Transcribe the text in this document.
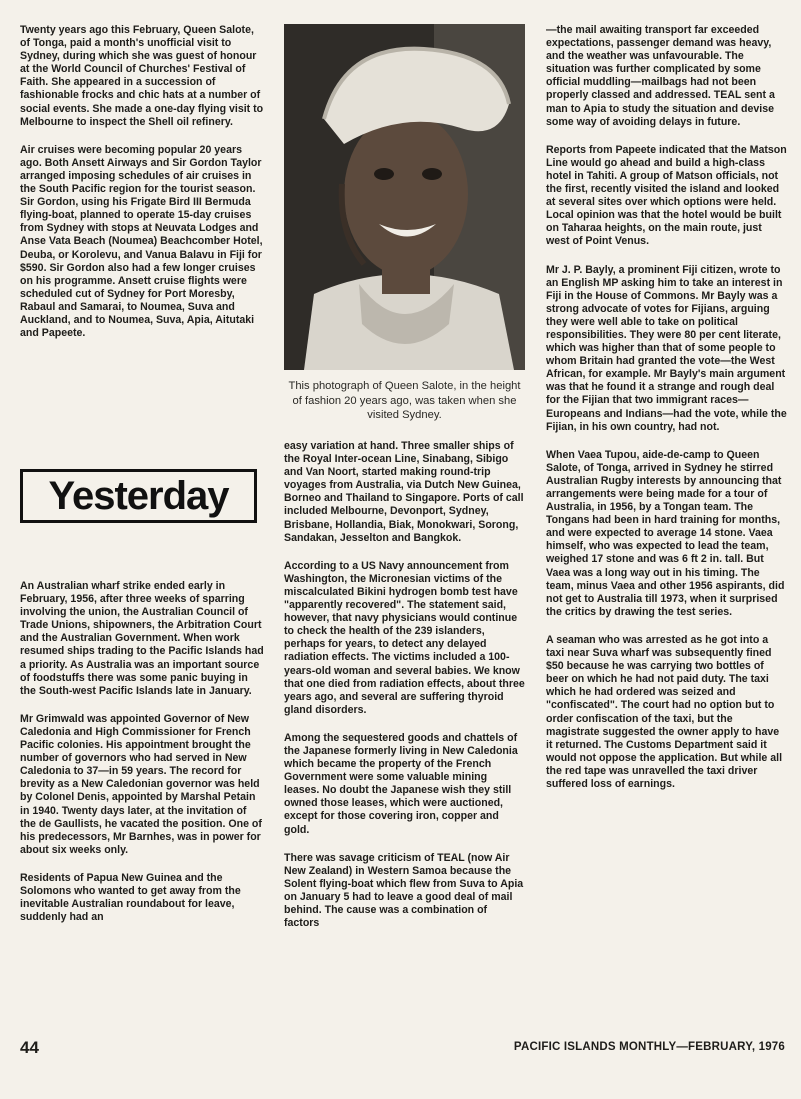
Twenty years ago this February, Queen Salote, of Tonga, paid a month's unofficial visit to Sydney, during which she was guest of honour at the World Council of Churches' Festival of Faith. She appeared in a succession of fashionable frocks and chic hats at a number of social events. She made a one-day flying visit to Melbourne to inspect the Shell oil refinery.

Air cruises were becoming popular 20 years ago. Both Ansett Airways and Sir Gordon Taylor arranged imposing schedules of air cruises in the South Pacific region for the tourist season. Sir Gordon, using his Frigate Bird III Bermuda flying-boat, planned to operate 15-day cruises from Sydney with stops at Neuvata Lodges and Anse Vata Beach (Noumea) Beachcomber Hotel, Deuba, or Korolevu, and Vanua Balavu in Fiji for $590. Sir Gordon also had a few longer cruises on his programme. Ansett cruise flights were scheduled cut of Sydney for Port Moresby, Rabaul and Samarai, to Noumea, Suva and Auckland, and to Noumea, Suva, Apia, Aitutaki and Papeete.

Yesterday

An Australian wharf strike ended early in February, 1956, after three weeks of sparring involving the union, the Australian Council of Trade Unions, shipowners, the Arbitration Court and the Australian Government. When work resumed ships trading to the Pacific Islands had a priority. As Australia was an important source of foodstuffs there was some panic buying in the South-west Pacific Islands late in January.

Mr Grimwald was appointed Governor of New Caledonia and High Commissioner for French Pacific colonies. His appointment brought the number of governors who had served in New Caledonia to 37—in 59 years. The record for brevity as a New Caledonian governor was held by Colonel Denis, appointed by Marshal Petain in 1940. Twenty days later, at the invitation of the de Gaullists, he vacated the position. One of his predecessors, Mr Barnhes, was in power for about six weeks only.

Residents of Papua New Guinea and the Solomons who wanted to get away from the inevitable Australian roundabout for leave, suddenly had an

This photograph of Queen Salote, in the height of fashion 20 years ago, was taken when she visited Sydney.

easy variation at hand. Three smaller ships of the Royal Inter-ocean Line, Sinabang, Sibigo and Van Noort, started making round-trip voyages from Australia, via Dutch New Guinea, Borneo and Thailand to Singapore. Ports of call included Melbourne, Devonport, Sydney, Brisbane, Hollandia, Biak, Monokwari, Sorong, Sandakan, Jesselton and Bangkok.

According to a US Navy announcement from Washington, the Micronesian victims of the miscalculated Bikini hydrogen bomb test have "apparently recovered". The statement said, however, that navy physicians would continue to check the health of the 239 islanders, perhaps for years, to detect any delayed radiation effects. The victims included a 100-years-old woman and several babies. We know that one died from radiation effects, about three years ago, and several are suffering thyroid gland disorders.

Among the sequestered goods and chattels of the Japanese formerly living in New Caledonia which became the property of the French Government were some valuable mining leases. No doubt the Japanese wish they still owned those leases, which were auctioned, except for those covering iron, copper and gold.

There was savage criticism of TEAL (now Air New Zealand) in Western Samoa because the Solent flying-boat which flew from Suva to Apia on January 5 had to leave a good deal of mail behind. The cause was a combination of factors

—the mail awaiting transport far exceeded expectations, passenger demand was heavy, and the weather was unfavourable. The situation was further complicated by some official muddling—mailbags had not been properly classed and addressed. TEAL sent a man to Apia to study the situation and devise some way of avoiding delays in future.

Reports from Papeete indicated that the Matson Line would go ahead and build a high-class hotel in Tahiti. A group of Matson officials, not the first, recently visited the island and looked at several sites over which options were held. Local opinion was that the hotel would be built on Taharaa heights, on the main route, just west of Point Venus.

Mr J. P. Bayly, a prominent Fiji citizen, wrote to an English MP asking him to take an interest in Fiji in the House of Commons. Mr Bayly was a strong advocate of votes for Fijians, arguing they were well able to take on political responsibilities. They were 80 per cent literate, which was higher than that of some people to whom Britain had granted the vote—the West African, for example. Mr Bayly's main argument was that he found it a strange and rough deal for the Fijian that two immigrant races—Europeans and Indians—had the vote, while the Fijian, in his own country, had not.

When Vaea Tupou, aide-de-camp to Queen Salote, of Tonga, arrived in Sydney he stirred Australian Rugby interests by announcing that arrangements were being made for a tour of Australia, in 1956, by a Tongan team. The Tongans had been in hard training for months, and were expected to average 14 stone. Vaea himself, who was expected to lead the team, weighed 17 stone and was 6 ft 2 in. tall. But Vaea was a long way out in his timing. The team, minus Vaea and other 1956 aspirants, did not get to Australia till 1973, when it surprised the critics by drawing the test series.

A seaman who was arrested as he got into a taxi near Suva wharf was subsequently fined $50 because he was carrying two bottles of beer on which he had not paid duty. The taxi which he had ordered was seized and "confiscated". The court had no option but to order confiscation of the taxi, but the magistrate suggested the owner apply to have it returned. The Customs Department said it would not oppose the application. But while all the red tape was unravelled the taxi driver suffered loss of earnings.

44	PACIFIC ISLANDS MONTHLY—FEBRUARY, 1976
